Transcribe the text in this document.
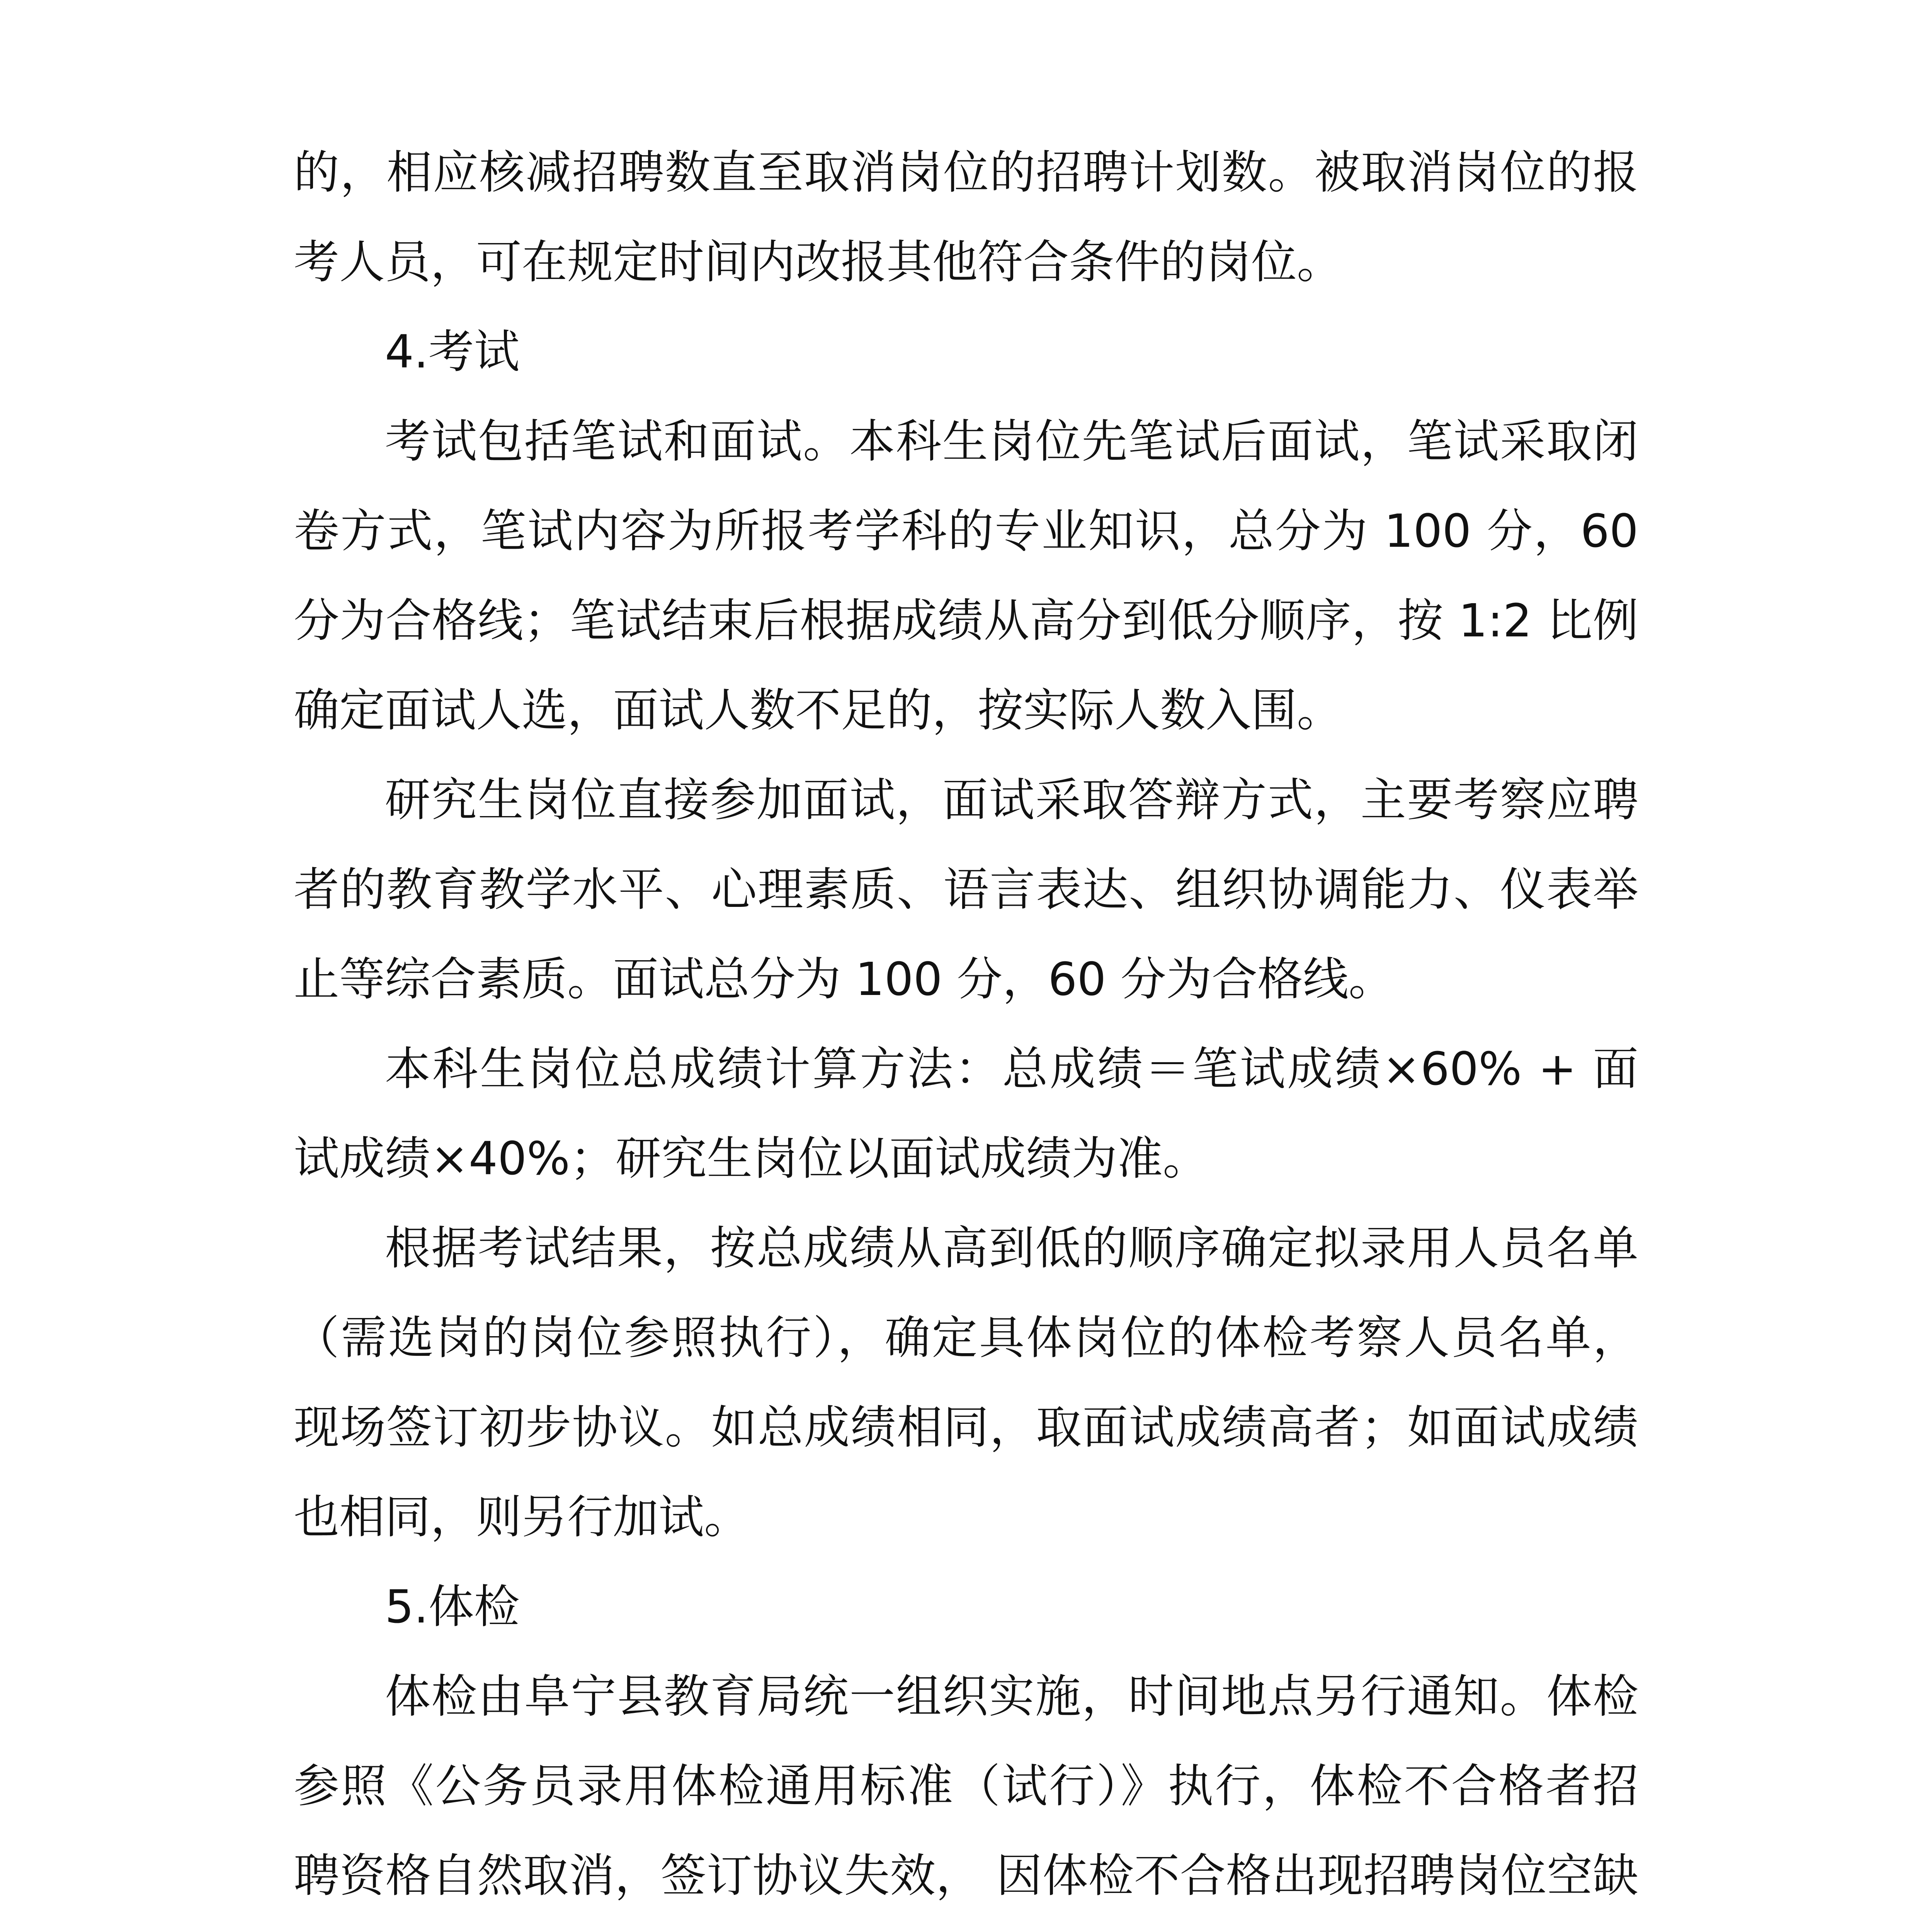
的，相应核减招聘数直至取消岗位的招聘计划数。被取消岗位的报考人员，可在规定时间内改报其他符合条件的岗位。

4.考试

考试包括笔试和面试。本科生岗位先笔试后面试，笔试采取闭卷方式，笔试内容为所报考学科的专业知识，总分为 100 分，60 分为合格线；笔试结束后根据成绩从高分到低分顺序，按 1:2 比例确定面试人选，面试人数不足的，按实际人数入围。

研究生岗位直接参加面试，面试采取答辩方式，主要考察应聘者的教育教学水平、心理素质、语言表达、组织协调能力、仪表举止等综合素质。面试总分为 100 分，60 分为合格线。

本科生岗位总成绩计算方法：总成绩＝笔试成绩×60% + 面试成绩×40%；研究生岗位以面试成绩为准。

根据考试结果，按总成绩从高到低的顺序确定拟录用人员名单（需选岗的岗位参照执行），确定具体岗位的体检考察人员名单，现场签订初步协议。如总成绩相同，取面试成绩高者；如面试成绩也相同，则另行加试。

5.体检

体检由阜宁县教育局统一组织实施，时间地点另行通知。体检参照《公务员录用体检通用标准（试行）》执行，体检不合格者招聘资格自然取消，签订协议失效， 因体检不合格出现招聘岗位空缺
